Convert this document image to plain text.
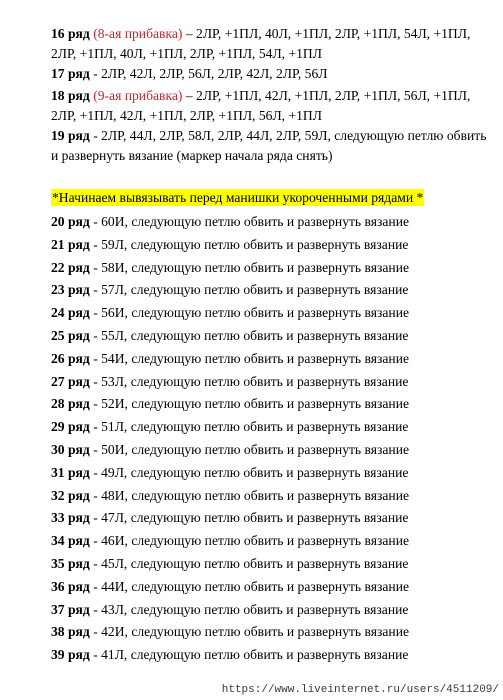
16 ряд (8-ая прибавка) – 2ЛР, +1ПЛ, 40Л, +1ПЛ, 2ЛР, +1ПЛ, 54Л, +1ПЛ, 2ЛР, +1ПЛ, 40Л, +1ПЛ, 2ЛР, +1ПЛ, 54Л, +1ПЛ

17 ряд - 2ЛР, 42Л, 2ЛР, 56Л, 2ЛР, 42Л, 2ЛР, 56Л

18 ряд (9-ая прибавка) – 2ЛР, +1ПЛ, 42Л, +1ПЛ, 2ЛР, +1ПЛ, 56Л, +1ПЛ, 2ЛР, +1ПЛ, 42Л, +1ПЛ, 2ЛР, +1ПЛ, 56Л, +1ПЛ

19 ряд - 2ЛР, 44Л, 2ЛР, 58Л, 2ЛР, 44Л, 2ЛР, 59Л, следующую петлю обвить и развернуть вязание (маркер начала ряда снять)

*Начинаем вывязывать перед манишки укороченными рядами *
20 ряд - 60И, следующую петлю обвить и развернуть вязание
21 ряд - 59Л, следующую петлю обвить и развернуть вязание
22 ряд - 58И, следующую петлю обвить и развернуть вязание
23 ряд - 57Л, следующую петлю обвить и развернуть вязание
24 ряд - 56И, следующую петлю обвить и развернуть вязание
25 ряд - 55Л, следующую петлю обвить и развернуть вязание
26 ряд - 54И, следующую петлю обвить и развернуть вязание
27 ряд - 53Л, следующую петлю обвить и развернуть вязание
28 ряд - 52И, следующую петлю обвить и развернуть вязание
29 ряд - 51Л, следующую петлю обвить и развернуть вязание
30 ряд - 50И, следующую петлю обвить и развернуть вязание
31 ряд - 49Л, следующую петлю обвить и развернуть вязание
32 ряд - 48И, следующую петлю обвить и развернуть вязание
33 ряд - 47Л, следующую петлю обвить и развернуть вязание
34 ряд - 46И, следующую петлю обвить и развернуть вязание
35 ряд - 45Л, следующую петлю обвить и развернуть вязание
36 ряд - 44И, следующую петлю обвить и развернуть вязание
37 ряд - 43Л, следующую петлю обвить и развернуть вязание
38 ряд - 42И, следующую петлю обвить и развернуть вязание
39 ряд - 41Л, следующую петлю обвить и развернуть вязание
https://www.liveinternet.ru/users/4511209/
